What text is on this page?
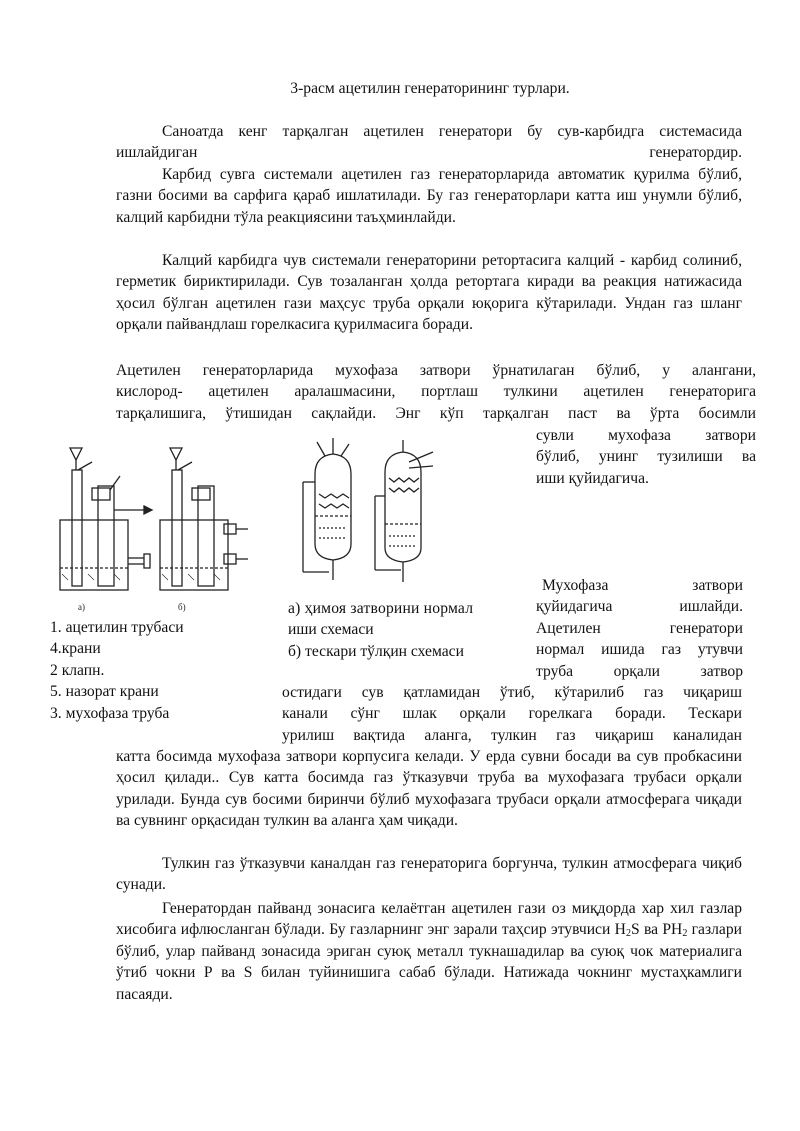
3-расм ацетилин генераторининг турлари.

Саноатда кенг тарқалган ацетилен генератори бу сув-карбидга системасида ишлайдиган генератордир.

Карбид сувга системали ацетилен газ генераторларида автоматик қурилма бўлиб, газни босими ва сарфига қараб ишлатилади. Бу газ генераторлари катта иш унумли бўлиб, калций карбидни тўла реакциясини таъҳминлайди.

Калций карбидга чув системали генераторини ретортасига калций - карбид солиниб, герметик бириктирилади. Сув тозаланган ҳолда ретортага киради ва реакция натижасида ҳосил бўлган ацетилен гази маҳсус труба орқали юқорига кўтарилади. Ундан газ шланг орқали пайвандлаш горелкасига қурилмасига боради.

Ацетилен генераторларида мухофаза затвори ўрнатилаган бўлиб, у алангани,
кислород- ацетилен аралашмасини, портлаш тулкини ацетилен генераторига
тарқалишига, ўтишидан сақлайди. Энг кўп тарқалган паст ва ўрта босимли

сувли мухофаза затвори
бўлиб, унинг тузилиши ва
иши қуйидагича.

Мухофаза затвори
қуйидагича ишлайди.
Ацетилен генератори
нормал ишида газ утувчи
труба орқали затвор

остидаги сув қатламидан ўтиб, кўтарилиб газ чиқариш
канали сўнг шлак орқали горелкага боради. Тескари
урилиш вақтида аланга, тулкин газ чиқариш каналидан

катта босимда мухофаза затвори корпусига келади. У ерда сувни босади ва сув пробкасини ҳосил қилади.. Сув катта босимда газ ўтказувчи труба ва мухофазага трубаси орқали урилади. Бунда сув босими биринчи бўлиб мухофазага трубаси орқали атмосферага чиқади ва сувнинг орқасидан тулкин ва аланга ҳам чиқади.

Тулкин газ ўтказувчи каналдан газ генераторига боргунча, тулкин атмосферага чиқиб сунади.

Генератордан пайванд зонасига келаётган ацетилен гази оз миқдорда хар хил газлар хисобига ифлюсланган бўлади. Бу газларнинг энг зарали таҳсир этувчиси $H_2S$ ва $PH_2$ газлари бўлиб, улар пайванд зонасида эриган суюқ металл тукнашадилар ва суюқ чок материалига ўтиб чокни Р ва S билан туйинишига сабаб бўлади. Натижада чокнинг мустаҳкамлиги пасаяди.

1. ацетилин трубаси
4.крани
2 клапн.
5. назорат крани
3. мухофаза труба
а) ҳимоя затворини нормал
иши схемаси
б) тескари тўлқин схемаси
a)	б)
